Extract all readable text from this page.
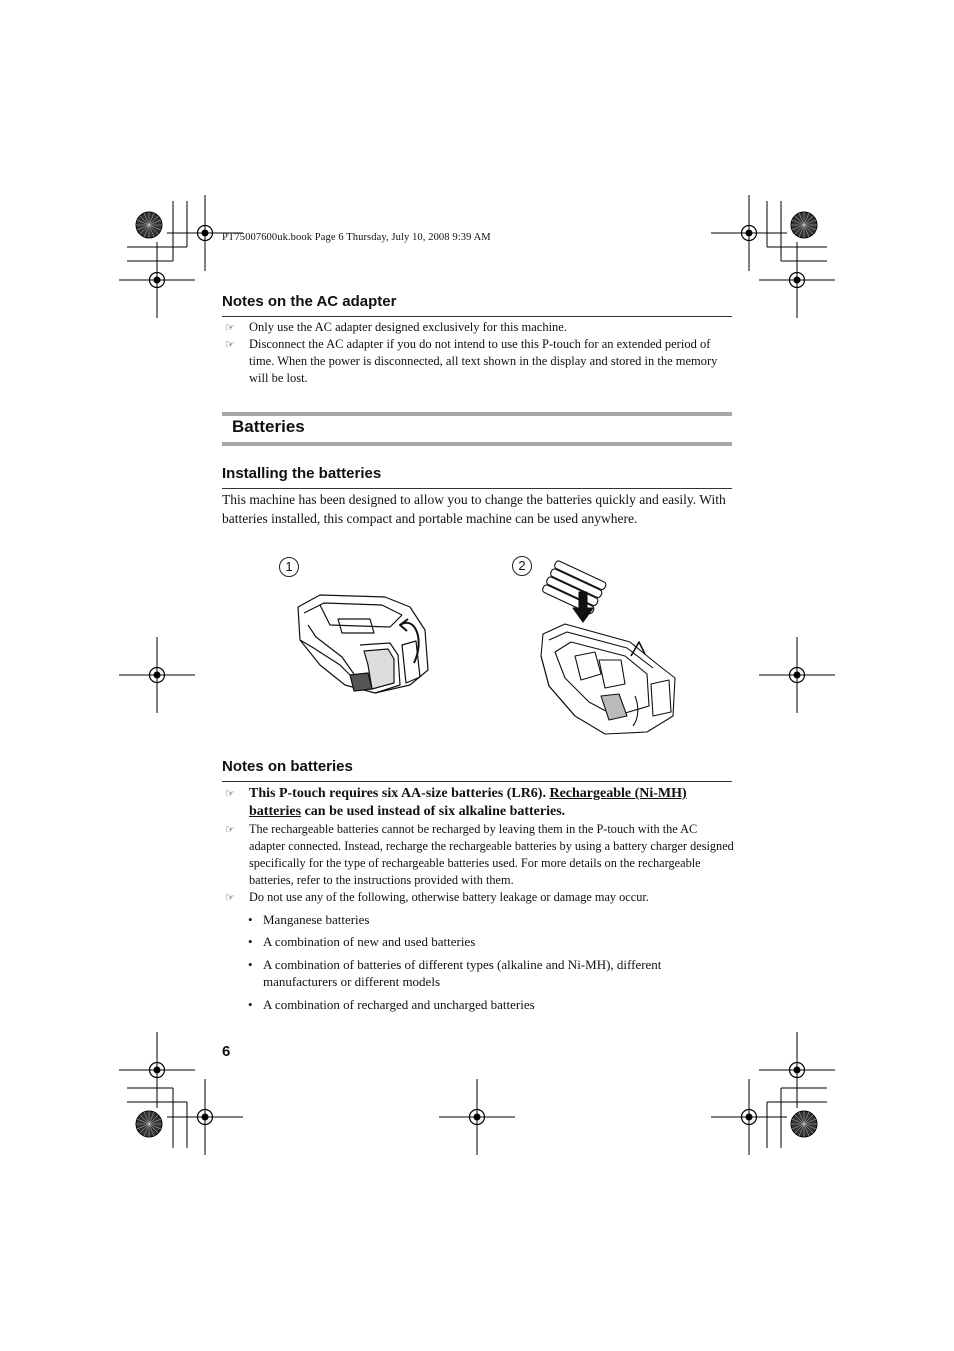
PT75007600uk.book Page 6 Thursday, July 10, 2008 9:39 AM
Notes on the AC adapter
☞ Only use the AC adapter designed exclusively for this machine.
☞ Disconnect the AC adapter if you do not intend to use this P-touch for an extended period of time. When the power is disconnected, all text shown in the display and stored in the memory will be lost.
Batteries
Installing the batteries
This machine has been designed to allow you to change the batteries quickly and easily. With batteries installed, this compact and portable machine can be used anywhere.
1	2
Notes on batteries
☞ This P-touch requires six AA-size batteries (LR6). Rechargeable (Ni-MH) batteries can be used instead of six alkaline batteries.
☞ The rechargeable batteries cannot be recharged by leaving them in the P-touch with the AC adapter connected. Instead, recharge the rechargeable batteries by using a battery charger designed specifically for the type of rechargeable batteries used. For more details on the rechargeable batteries, refer to the instructions provided with them.
☞ Do not use any of the following, otherwise battery leakage or damage may occur.
• Manganese batteries
• A combination of new and used batteries
• A combination of batteries of different types (alkaline and Ni-MH), different manufacturers or different models
• A combination of recharged and uncharged batteries
6
